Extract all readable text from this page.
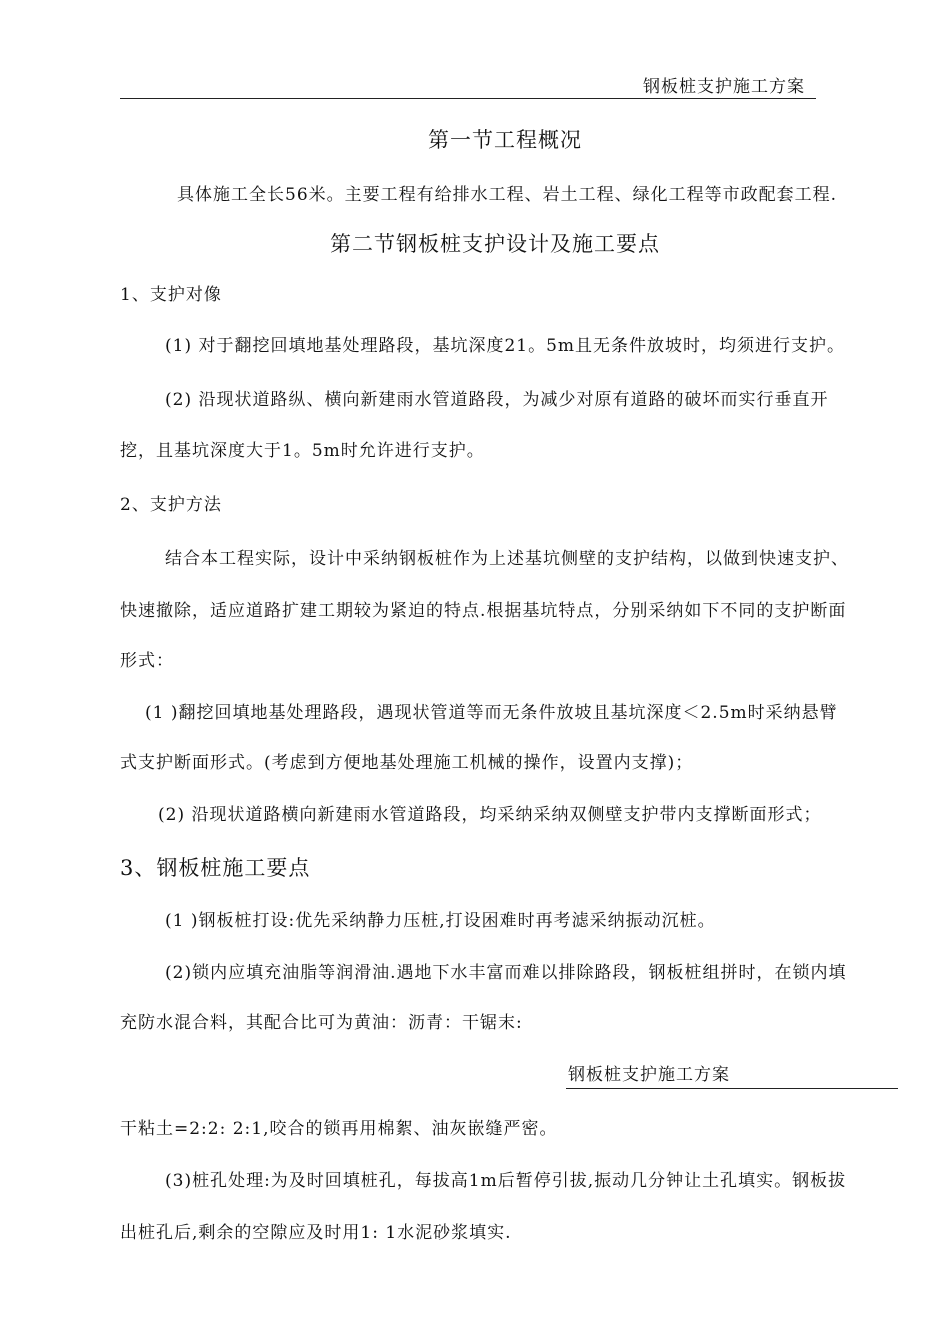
钢板桩支护施工方案
第一节工程概况
具体施工全长56米。主要工程有给排水工程、岩土工程、绿化工程等市政配套工程.
第二节钢板桩支护设计及施工要点
1、支护对像
(1) 对于翻挖回填地基处理路段，基坑深度21。5m且无条件放坡时，均须进行支护。
(2) 沿现状道路纵、横向新建雨水管道路段，为减少对原有道路的破坏而实行垂直开
挖，且基坑深度大于1。5m时允许进行支护。
2、支护方法
结合本工程实际，设计中采纳钢板桩作为上述基坑侧壁的支护结构，以做到快速支护、
快速撤除，适应道路扩建工期较为紧迫的特点.根据基坑特点，分别采纳如下不同的支护断面
形式：
(1 )翻挖回填地基处理路段，遇现状管道等而无条件放坡且基坑深度＜2.5m时采纳悬臂
式支护断面形式。(考虑到方便地基处理施工机械的操作，设置内支撑)；
(2) 沿现状道路横向新建雨水管道路段，均采纳采纳双侧壁支护带内支撑断面形式；
3、钢板桩施工要点
(1 )钢板桩打设:优先采纳静力压桩,打设困难时再考滤采纳振动沉桩。
(2)锁内应填充油脂等润滑油.遇地下水丰富而难以排除路段，钢板桩组拼时，在锁内填
充防水混合料，其配合比可为黄油：沥青：干锯末:
钢板桩支护施工方案
干粘土=2:2: 2:1,咬合的锁再用棉絮、油灰嵌缝严密。
(3)桩孔处理:为及时回填桩孔，每拔高1m后暂停引拔,振动几分钟让土孔填实。钢板拔
出桩孔后,剩余的空隙应及时用1: 1水泥砂浆填实.
